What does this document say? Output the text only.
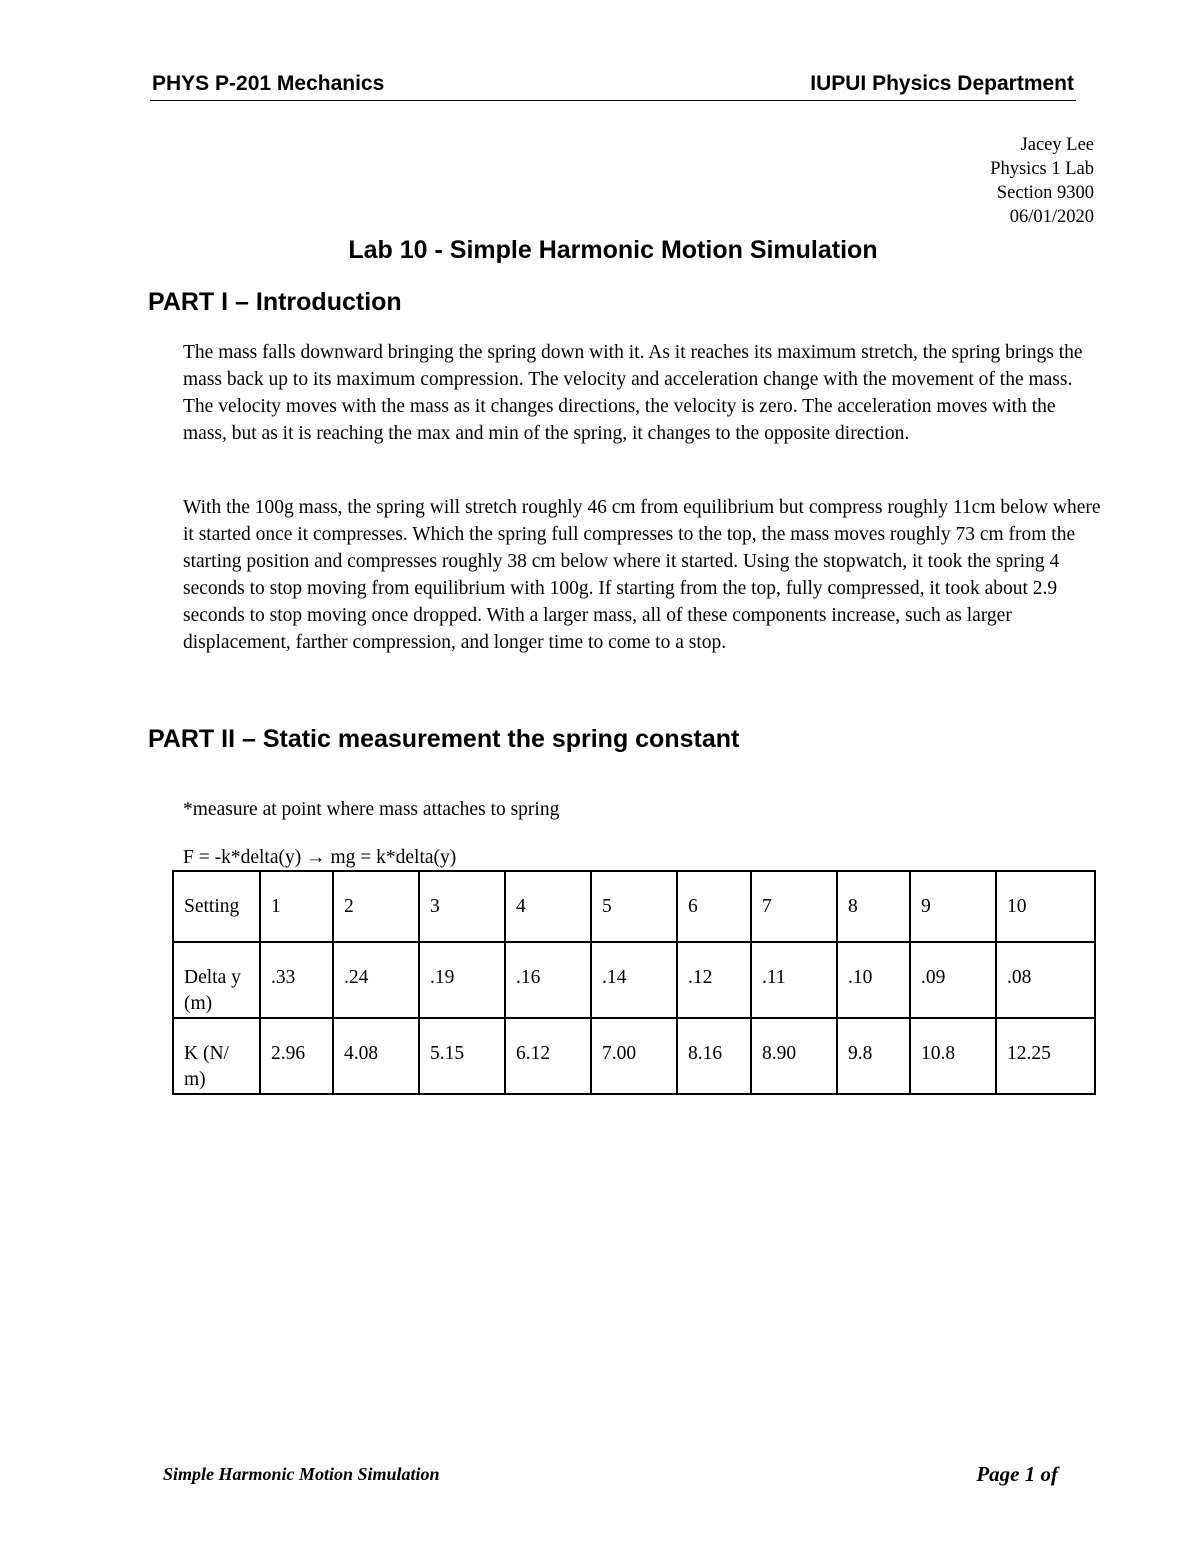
PHYS P-201 Mechanics	IUPUI Physics Department
Jacey Lee
Physics 1 Lab
Section 9300
06/01/2020
Lab 10 - Simple Harmonic Motion Simulation
PART I – Introduction

The mass falls downward bringing the spring down with it. As it reaches its maximum stretch, the spring brings the mass back up to its maximum compression. The velocity and acceleration change with the movement of the mass. The velocity moves with the mass as it changes directions, the velocity is zero. The acceleration moves with the mass, but as it is reaching the max and min of the spring, it changes to the opposite direction.

With the 100g mass, the spring will stretch roughly 46 cm from equilibrium but compress roughly 11cm below where it started once it compresses. Which the spring full compresses to the top, the mass moves roughly 73 cm from the starting position and compresses roughly 38 cm below where it started. Using the stopwatch, it took the spring 4 seconds to stop moving from equilibrium with 100g. If starting from the top, fully compressed, it took about 2.9 seconds to stop moving once dropped. With a larger mass, all of these components increase, such as larger displacement, farther compression, and longer time to come to a stop.

PART II – Static measurement the spring constant
*measure at point where mass attaches to spring
F = -k*delta(y) → mg = k*delta(y)
Setting	1	2	3	4	5	6	7	8	9	10
Delta y (m)	.33	.24	.19	.16	.14	.12	.11	.10	.09	.08
K (N/m)	2.96	4.08	5.15	6.12	7.00	8.16	8.90	9.8	10.8	12.25
Simple Harmonic Motion Simulation	Page 1 of
